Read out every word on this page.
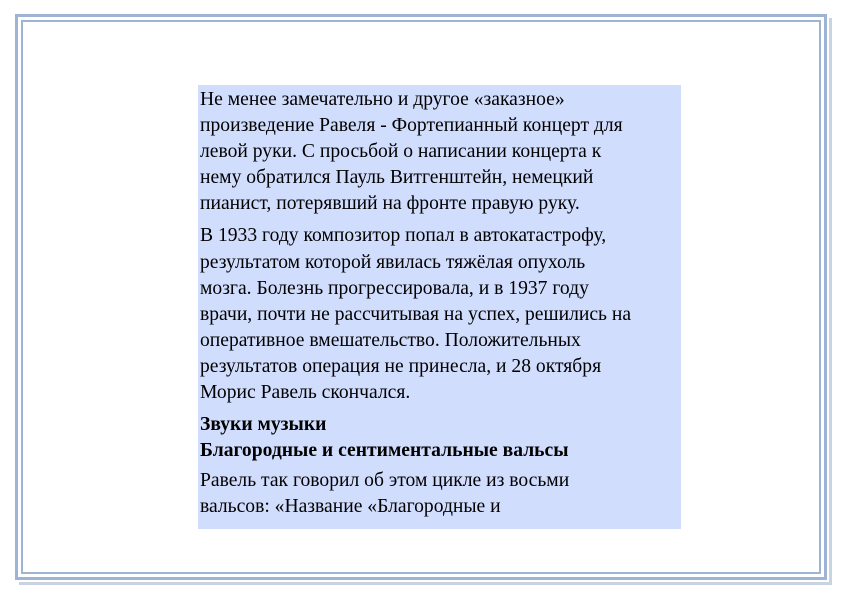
Не менее замечательно и другое «заказное»
произведение Равеля - Фортепианный концерт для
левой руки. С просьбой о написании концерта к
нему обратился Пауль Витгенштейн, немецкий
пианист, потерявший на фронте правую руку.

В 1933 году композитор попал в автокатастрофу,
результатом которой явилась тяжёлая опухоль
мозга. Болезнь прогрессировала, и в 1937 году
врачи, почти не рассчитывая на успех, решились на
оперативное вмешательство. Положительных
результатов операция не принесла, и 28 октября
Морис Равель скончался.

Звуки музыки

Благородные и сентиментальные вальсы

Равель так говорил об этом цикле из восьми
вальсов: «Название «Благородные и
